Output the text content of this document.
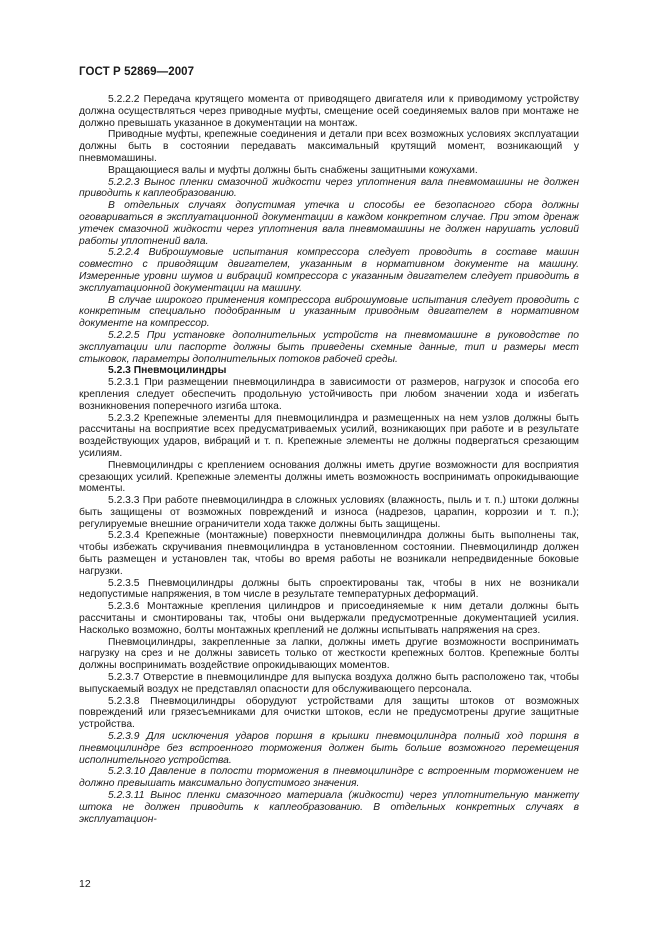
ГОСТ Р 52869—2007

5.2.2.2 Передача крутящего момента от приводящего двигателя или к приводимому устройству должна осуществляться через приводные муфты, смещение осей соединяемых валов при монтаже не должно превышать указанное в документации на монтаж.

Приводные муфты, крепежные соединения и детали при всех возможных условиях эксплуатации должны быть в состоянии передавать максимальный крутящий момент, возникающий у пневмомашины.

Вращающиеся валы и муфты должны быть снабжены защитными кожухами.

5.2.2.3 Вынос пленки смазочной жидкости через уплотнения вала пневмомашины не должен приводить к каплеобразованию.

В отдельных случаях допустимая утечка и способы ее безопасного сбора должны оговариваться в эксплуатационной документации в каждом конкретном случае. При этом дренаж утечек смазочной жидкости через уплотнения вала пневмомашины не должен нарушать условий работы уплотнений вала.

5.2.2.4 Виброшумовые испытания компрессора следует проводить в составе машин совместно с приводящим двигателем, указанным в нормативном документе на машину. Измеренные уровни шумов и вибраций компрессора с указанным двигателем следует приводить в эксплуатационной документации на машину.

В случае широкого применения компрессора виброшумовые испытания следует проводить с конкретным специально подобранным и указанным приводным двигателем в нормативном документе на компрессор.

5.2.2.5 При установке дополнительных устройств на пневмомашине в руководстве по эксплуатации или паспорте должны быть приведены схемные данные, тип и размеры мест стыковок, параметры дополнительных потоков рабочей среды.

5.2.3 Пневмоцилиндры

5.2.3.1 При размещении пневмоцилиндра в зависимости от размеров, нагрузок и способа его крепления следует обеспечить продольную устойчивость при любом значении хода и избегать возникновения поперечного изгиба штока.

5.2.3.2 Крепежные элементы для пневмоцилиндра и размещенных на нем узлов должны быть рассчитаны на восприятие всех предусматриваемых усилий, возникающих при работе и в результате воздействующих ударов, вибраций и т. п. Крепежные элементы не должны подвергаться срезающим усилиям.

Пневмоцилиндры с креплением основания должны иметь другие возможности для восприятия срезающих усилий. Крепежные элементы должны иметь возможность воспринимать опрокидывающие моменты.

5.2.3.3 При работе пневмоцилиндра в сложных условиях (влажность, пыль и т. п.) штоки должны быть защищены от возможных повреждений и износа (надрезов, царапин, коррозии и т. п.); регулируемые внешние ограничители хода также должны быть защищены.

5.2.3.4 Крепежные (монтажные) поверхности пневмоцилиндра должны быть выполнены так, чтобы избежать скручивания пневмоцилиндра в установленном состоянии. Пневмоцилиндр должен быть размещен и установлен так, чтобы во время работы не возникали непредвиденные боковые нагрузки.

5.2.3.5 Пневмоцилиндры должны быть спроектированы так, чтобы в них не возникали недопустимые напряжения, в том числе в результате температурных деформаций.

5.2.3.6 Монтажные крепления цилиндров и присоединяемые к ним детали должны быть рассчитаны и смонтированы так, чтобы они выдержали предусмотренные документацией усилия. Насколько возможно, болты монтажных креплений не должны испытывать напряжения на срез.

Пневмоцилиндры, закрепленные за лапки, должны иметь другие возможности воспринимать нагрузку на срез и не должны зависеть только от жесткости крепежных болтов. Крепежные болты должны воспринимать воздействие опрокидывающих моментов.

5.2.3.7 Отверстие в пневмоцилиндре для выпуска воздуха должно быть расположено так, чтобы выпускаемый воздух не представлял опасности для обслуживающего персонала.

5.2.3.8 Пневмоцилиндры оборудуют устройствами для защиты штоков от возможных повреждений или грязесъемниками для очистки штоков, если не предусмотрены другие защитные устройства.

5.2.3.9 Для исключения ударов поршня в крышки пневмоцилиндра полный ход поршня в пневмоцилиндре без встроенного торможения должен быть больше возможного перемещения исполнительного устройства.

5.2.3.10 Давление в полости торможения в пневмоцилиндре с встроенным торможением не должно превышать максимально допустимого значения.

5.2.3.11 Вынос пленки смазочного материала (жидкости) через уплотнительную манжету штока не должен приводить к каплеобразованию. В отдельных конкретных случаях в эксплуатацион-

12
